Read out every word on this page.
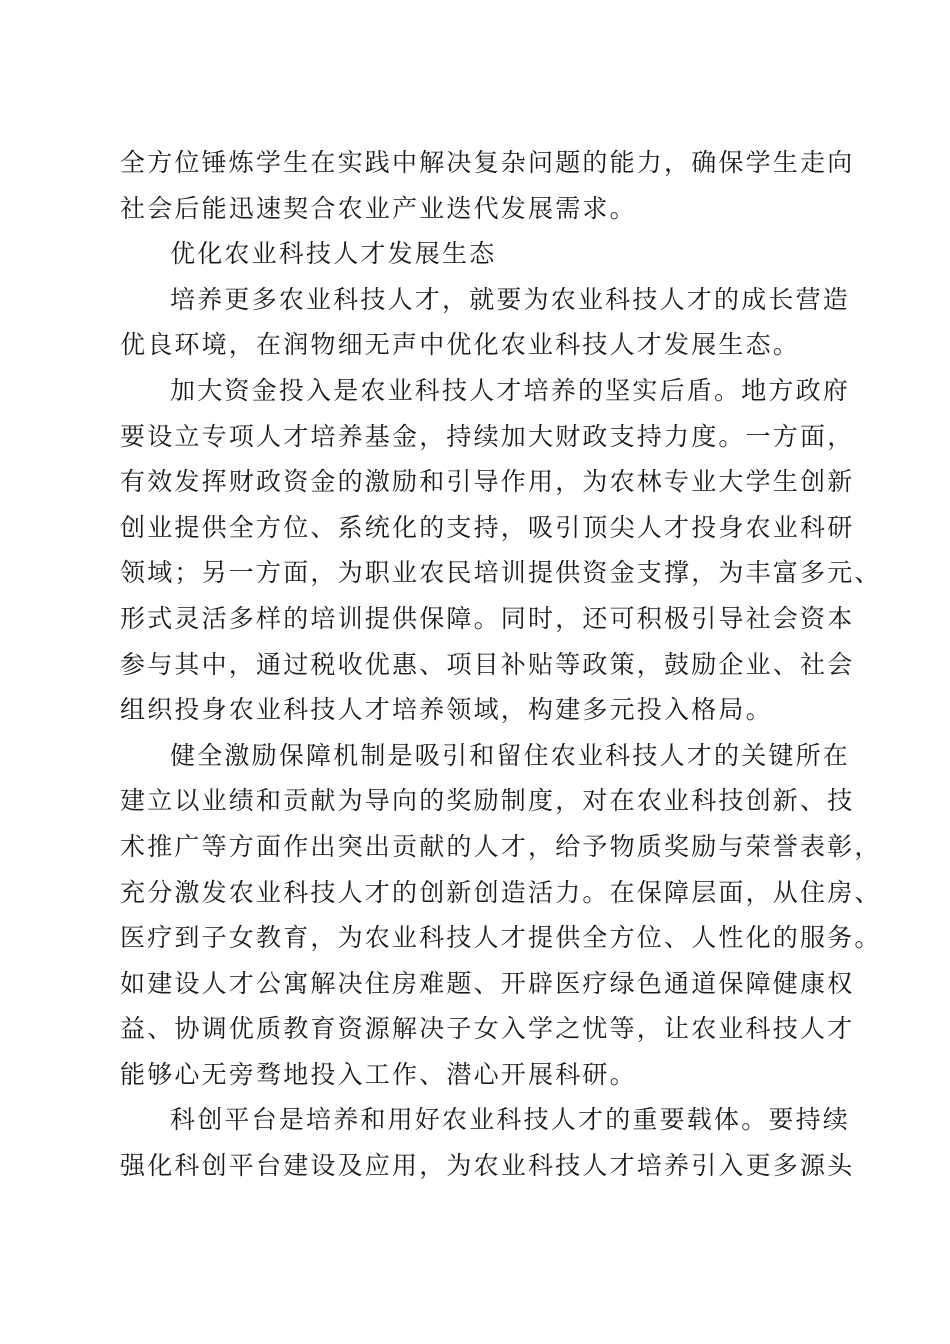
全方位锤炼学生在实践中解决复杂问题的能力，确保学生走向
社会后能迅速契合农业产业迭代发展需求。
优化农业科技人才发展生态
培养更多农业科技人才，就要为农业科技人才的成长营造
优良环境，在润物细无声中优化农业科技人才发展生态。
加大资金投入是农业科技人才培养的坚实后盾。地方政府
要设立专项人才培养基金，持续加大财政支持力度。一方面，
有效发挥财政资金的激励和引导作用，为农林专业大学生创新
创业提供全方位、系统化的支持，吸引顶尖人才投身农业科研
领域；另一方面，为职业农民培训提供资金支撑，为丰富多元、
形式灵活多样的培训提供保障。同时，还可积极引导社会资本
参与其中，通过税收优惠、项目补贴等政策，鼓励企业、社会
组织投身农业科技人才培养领域，构建多元投入格局。
健全激励保障机制是吸引和留住农业科技人才的关键所在
建立以业绩和贡献为导向的奖励制度，对在农业科技创新、技
术推广等方面作出突出贡献的人才，给予物质奖励与荣誉表彰，
充分激发农业科技人才的创新创造活力。在保障层面，从住房、
医疗到子女教育，为农业科技人才提供全方位、人性化的服务。
如建设人才公寓解决住房难题、开辟医疗绿色通道保障健康权
益、协调优质教育资源解决子女入学之忧等，让农业科技人才
能够心无旁骛地投入工作、潜心开展科研。
科创平台是培养和用好农业科技人才的重要载体。要持续
强化科创平台建设及应用，为农业科技人才培养引入更多源头
